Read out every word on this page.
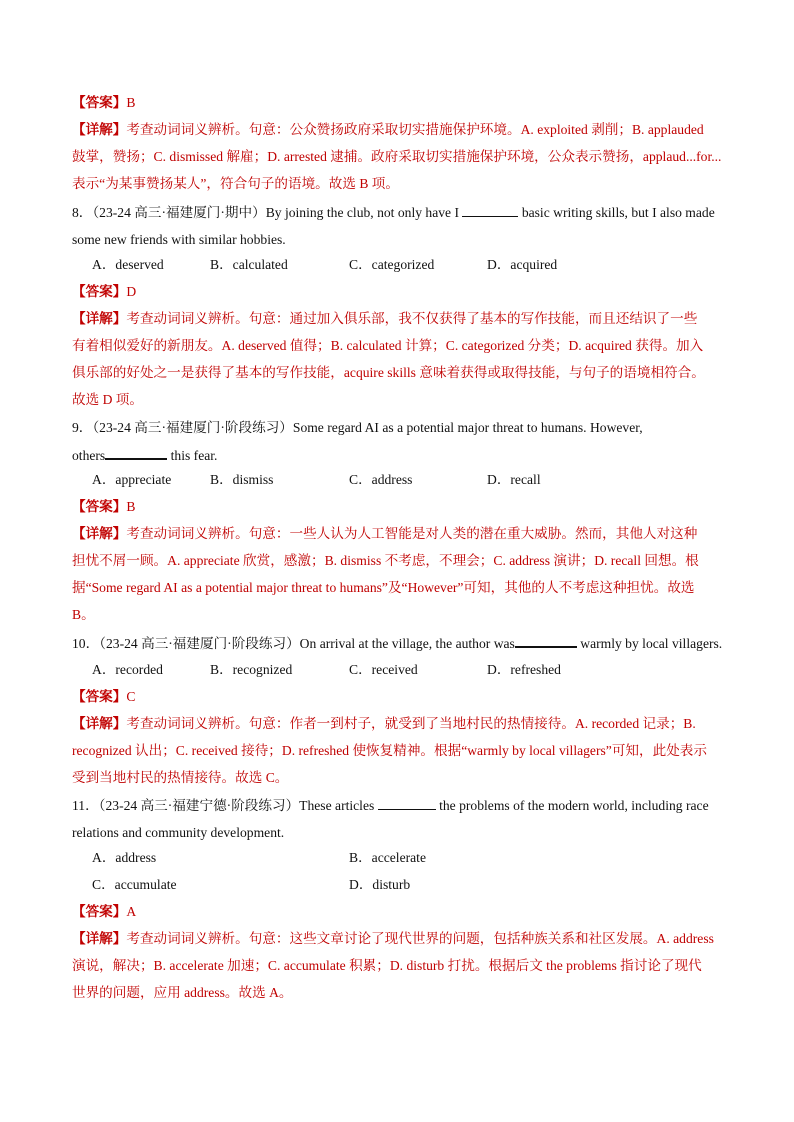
【答案】B
【详解】考查动词词义辨析。句意：公众赞扬政府采取切实措施保护环境。A. exploited 剥削；B. applauded
鼓掌，赞扬；C. dismissed 解雇；D. arrested 逮捕。政府采取切实措施保护环境，公众表示赞扬，applaud...for...
表示“为某事赞扬某人”，符合句子的语境。故选 B 项。
8．（23-24 高三·福建厦门·期中）By joining the club, not only have I	basic writing skills, but I also made
some new friends with similar hobbies.
A．deserved	B．calculated	C．categorized	D．acquired
【答案】D
【详解】考查动词词义辨析。句意：通过加入俱乐部，我不仅获得了基本的写作技能，而且还结识了一些
有着相似爱好的新朋友。A. deserved 值得；B. calculated 计算；C. categorized 分类；D. acquired 获得。加入
俱乐部的好处之一是获得了基本的写作技能，acquire skills 意味着获得或取得技能，与句子的语境相符合。
故选 D 项。
9．（23-24 高三·福建厦门·阶段练习）Some regard AI as a potential major threat to humans. However,
others	this fear.
A．appreciate	B．dismiss	C．address	D．recall
【答案】B
【详解】考查动词词义辨析。句意：一些人认为人工智能是对人类的潜在重大威胁。然而，其他人对这种
担忧不屑一顾。A. appreciate 欣赏，感激；B. dismiss 不考虑，不理会；C. address 演讲；D. recall 回想。根
据“Some regard AI as a potential major threat to humans”及“However”可知，其他的人不考虑这种担忧。故选
B。
10．（23-24 高三·福建厦门·阶段练习）On arrival at the village, the author was	warmly by local villagers.
A．recorded	B．recognized	C．received	D．refreshed
【答案】C
【详解】考查动词词义辨析。句意：作者一到村子，就受到了当地村民的热情接待。A. recorded 记录；B.
recognized 认出；C. received 接待；D. refreshed 使恢复精神。根据“warmly by local villagers”可知，此处表示
受到当地村民的热情接待。故选 C。
11．（23-24 高三·福建宁德·阶段练习）These articles	the problems of the modern world, including race
relations and community development.
A．address	B．accelerate
C．accumulate	D．disturb
【答案】A
【详解】考查动词词义辨析。句意：这些文章讨论了现代世界的问题，包括种族关系和社区发展。A. address
演说，解决；B. accelerate 加速；C. accumulate 积累；D. disturb 打扰。根据后文 the problems 指讨论了现代
世界的问题，应用 address。故选 A。
